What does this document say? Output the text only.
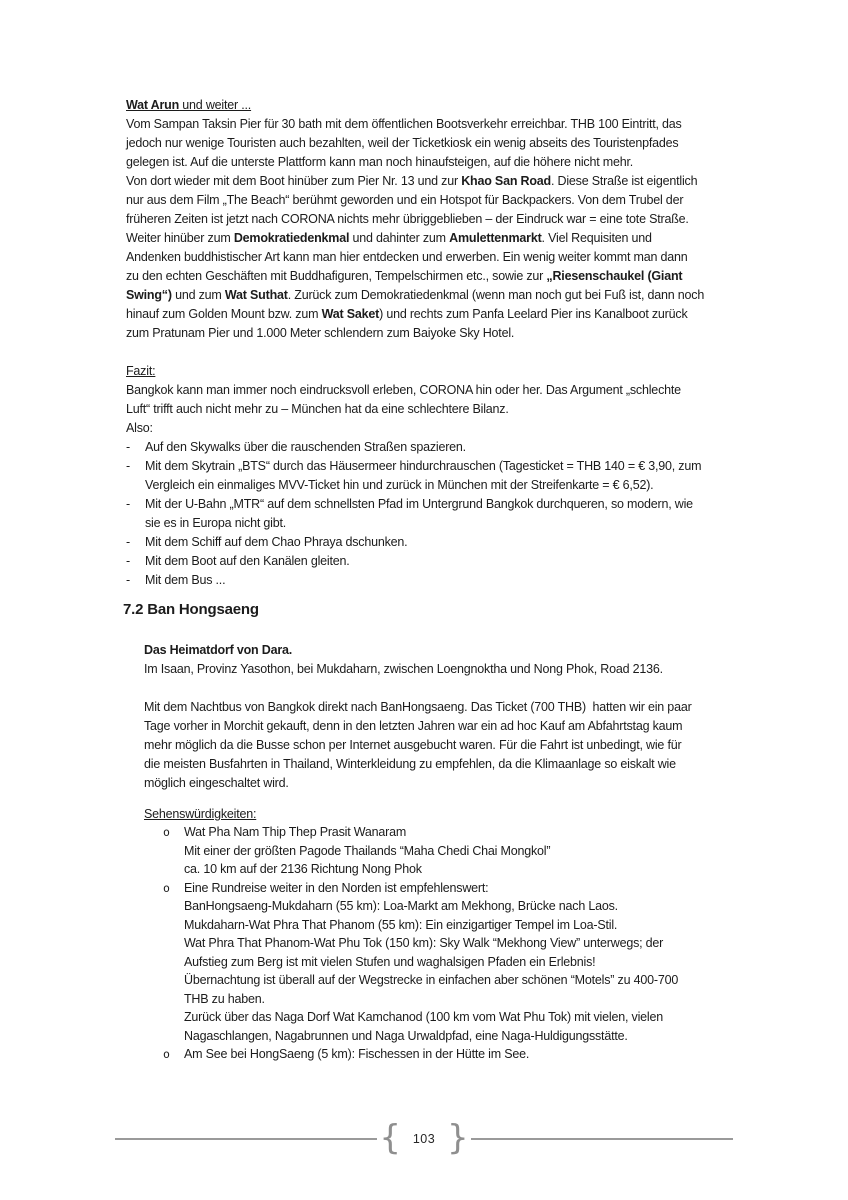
Wat Arun und weiter ...
Vom Sampan Taksin Pier für 30 bath mit dem öffentlichen Bootsverkehr erreichbar. THB 100 Eintritt, das
jedoch nur wenige Touristen auch bezahlten, weil der Ticketkiosk ein wenig abseits des Touristenpfades
gelegen ist. Auf die unterste Plattform kann man noch hinaufsteigen, auf die höhere nicht mehr.
Von dort wieder mit dem Boot hinüber zum Pier Nr. 13 und zur Khao San Road. Diese Straße ist eigentlich
nur aus dem Film „The Beach“ berühmt geworden und ein Hotspot für Backpackers. Von dem Trubel der
früheren Zeiten ist jetzt nach CORONA nichts mehr übriggeblieben – der Eindruck war = eine tote Straße.
Weiter hinüber zum Demokratiedenkmal und dahinter zum Amulettenmarkt. Viel Requisiten und
Andenken buddhistischer Art kann man hier entdecken und erwerben. Ein wenig weiter kommt man dann
zu den echten Geschäften mit Buddhafiguren, Tempelschirmen etc., sowie zur „Riesenschaukel (Giant
Swing“) und zum Wat Suthat. Zurück zum Demokratiedenkmal (wenn man noch gut bei Fuß ist, dann noch
hinauf zum Golden Mount bzw. zum Wat Saket) und rechts zum Panfa Leelard Pier ins Kanalboot zurück
zum Pratunam Pier und 1.000 Meter schlendern zum Baiyoke Sky Hotel.
Fazit:
Bangkok kann man immer noch eindrucksvoll erleben, CORONA hin oder her. Das Argument „schlechte
Luft“ trifft auch nicht mehr zu – München hat da eine schlechtere Bilanz.
Also:
-	Auf den Skywalks über die rauschenden Straßen spazieren.
-	Mit dem Skytrain „BTS“ durch das Häusermeer hindurchrauschen (Tagesticket = THB 140 = € 3,90, zum
Vergleich ein einmaliges MVV-Ticket hin und zurück in München mit der Streifenkarte = € 6,52).
-	Mit der U-Bahn „MTR“ auf dem schnellsten Pfad im Untergrund Bangkok durchqueren, so modern, wie
sie es in Europa nicht gibt.
-	Mit dem Schiff auf dem Chao Phraya dschunken.
-	Mit dem Boot auf den Kanälen gleiten.
-	Mit dem Bus ...
7.2 Ban Hongsaeng
Das Heimatdorf von Dara.
Im Isaan, Provinz Yasothon, bei Mukdaharn, zwischen Loengnoktha und Nong Phok, Road 2136.
Mit dem Nachtbus von Bangkok direkt nach BanHongsaeng. Das Ticket (700 THB)  hatten wir ein paar
Tage vorher in Morchit gekauft, denn in den letzten Jahren war ein ad hoc Kauf am Abfahrtstag kaum
mehr möglich da die Busse schon per Internet ausgebucht waren. Für die Fahrt ist unbedingt, wie für
die meisten Busfahrten in Thailand, Winterkleidung zu empfehlen, da die Klimaanlage so eiskalt wie
möglich eingeschaltet wird.
Sehenswürdigkeiten:
o	Wat Pha Nam Thip Thep Prasit Wanaram
Mit einer der größten Pagode Thailands “Maha Chedi Chai Mongkol”
ca. 10 km auf der 2136 Richtung Nong Phok
o	Eine Rundreise weiter in den Norden ist empfehlenswert:
BanHongsaeng-Mukdaharn (55 km): Loa-Markt am Mekhong, Brücke nach Laos.
Mukdaharn-Wat Phra That Phanom (55 km): Ein einzigartiger Tempel im Loa-Stil.
Wat Phra That Phanom-Wat Phu Tok (150 km): Sky Walk “Mekhong View” unterwegs; der
Aufstieg zum Berg ist mit vielen Stufen und waghalsigen Pfaden ein Erlebnis!
Übernachtung ist überall auf der Wegstrecke in einfachen aber schönen “Motels” zu 400-700
THB zu haben.
Zurück über das Naga Dorf Wat Kamchanod (100 km vom Wat Phu Tok) mit vielen, vielen
Nagaschlangen, Nagabrunnen und Naga Urwaldpfad, eine Naga-Huldigungsstätte.
o	Am See bei HongSaeng (5 km): Fischessen in der Hütte im See.
{ 103 }
